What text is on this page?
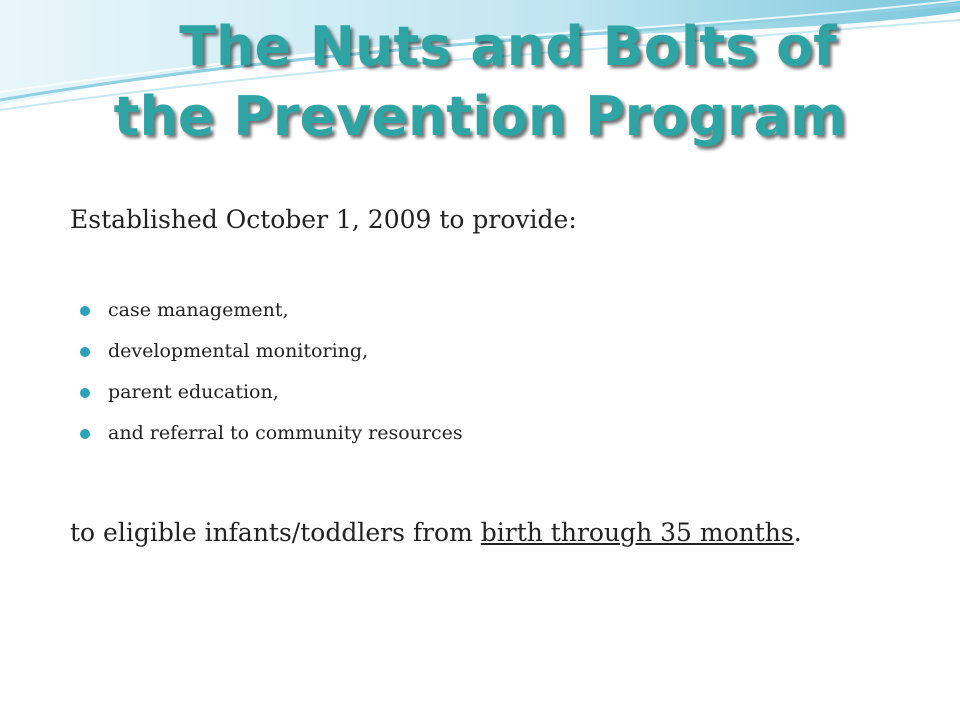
The Nuts and Bolts of
the Prevention Program

Established October 1, 2009 to provide:

case management,
developmental monitoring,
parent education,
and referral to community resources

to eligible infants/toddlers from birth through 35 months.
